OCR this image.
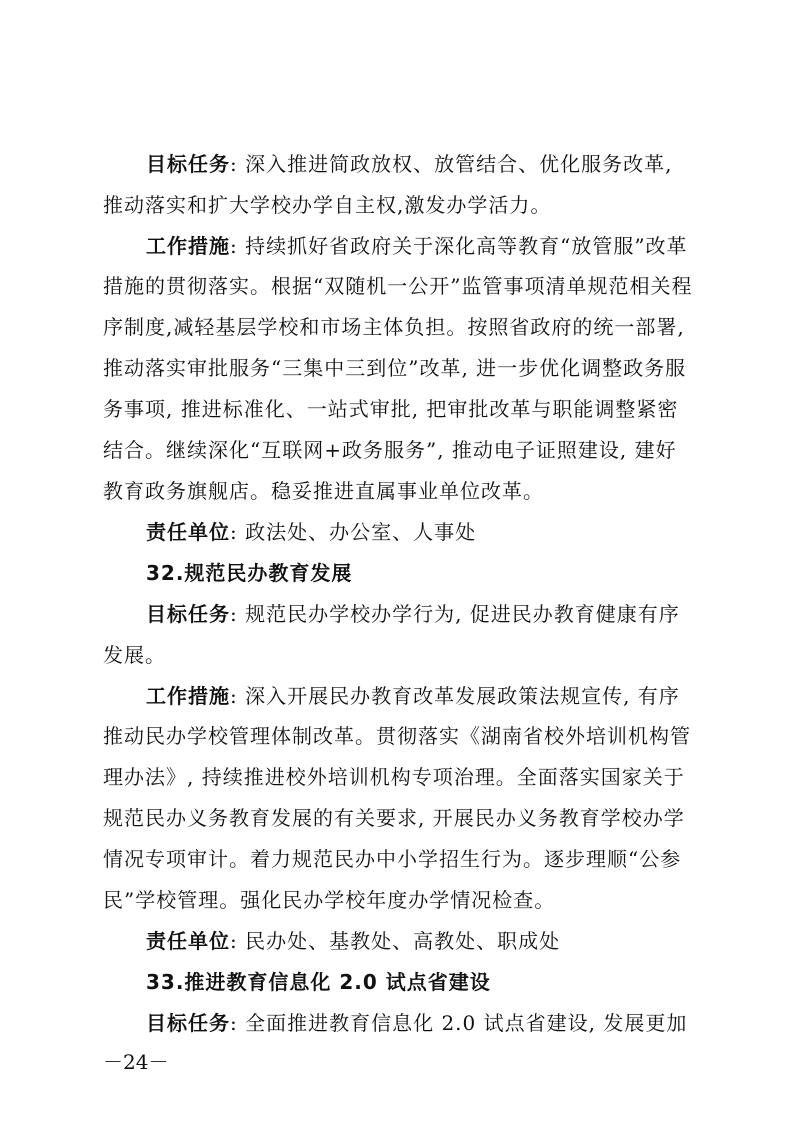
目标任务: 深入推进简政放权、放管结合、优化服务改革,
推动落实和扩大学校办学自主权,激发办学活力。
工作措施: 持续抓好省政府关于深化高等教育“放管服”改革
措施的贯彻落实。根据“双随机一公开”监管事项清单规范相关程
序制度,减轻基层学校和市场主体负担。按照省政府的统一部署,
推动落实审批服务“三集中三到位”改革, 进一步优化调整政务服
务事项, 推进标准化、一站式审批, 把审批改革与职能调整紧密
结合。继续深化“互联网+政务服务”, 推动电子证照建设, 建好
教育政务旗舰店。稳妥推进直属事业单位改革。
责任单位: 政法处、办公室、人事处
32.规范民办教育发展
目标任务: 规范民办学校办学行为, 促进民办教育健康有序
发展。
工作措施: 深入开展民办教育改革发展政策法规宣传, 有序
推动民办学校管理体制改革。贯彻落实《湖南省校外培训机构管
理办法》, 持续推进校外培训机构专项治理。全面落实国家关于
规范民办义务教育发展的有关要求, 开展民办义务教育学校办学
情况专项审计。着力规范民办中小学招生行为。逐步理顺“公参
民”学校管理。强化民办学校年度办学情况检查。
责任单位: 民办处、基教处、高教处、职成处
33.推进教育信息化 2.0 试点省建设
目标任务: 全面推进教育信息化 2.0 试点省建设, 发展更加
－24－
